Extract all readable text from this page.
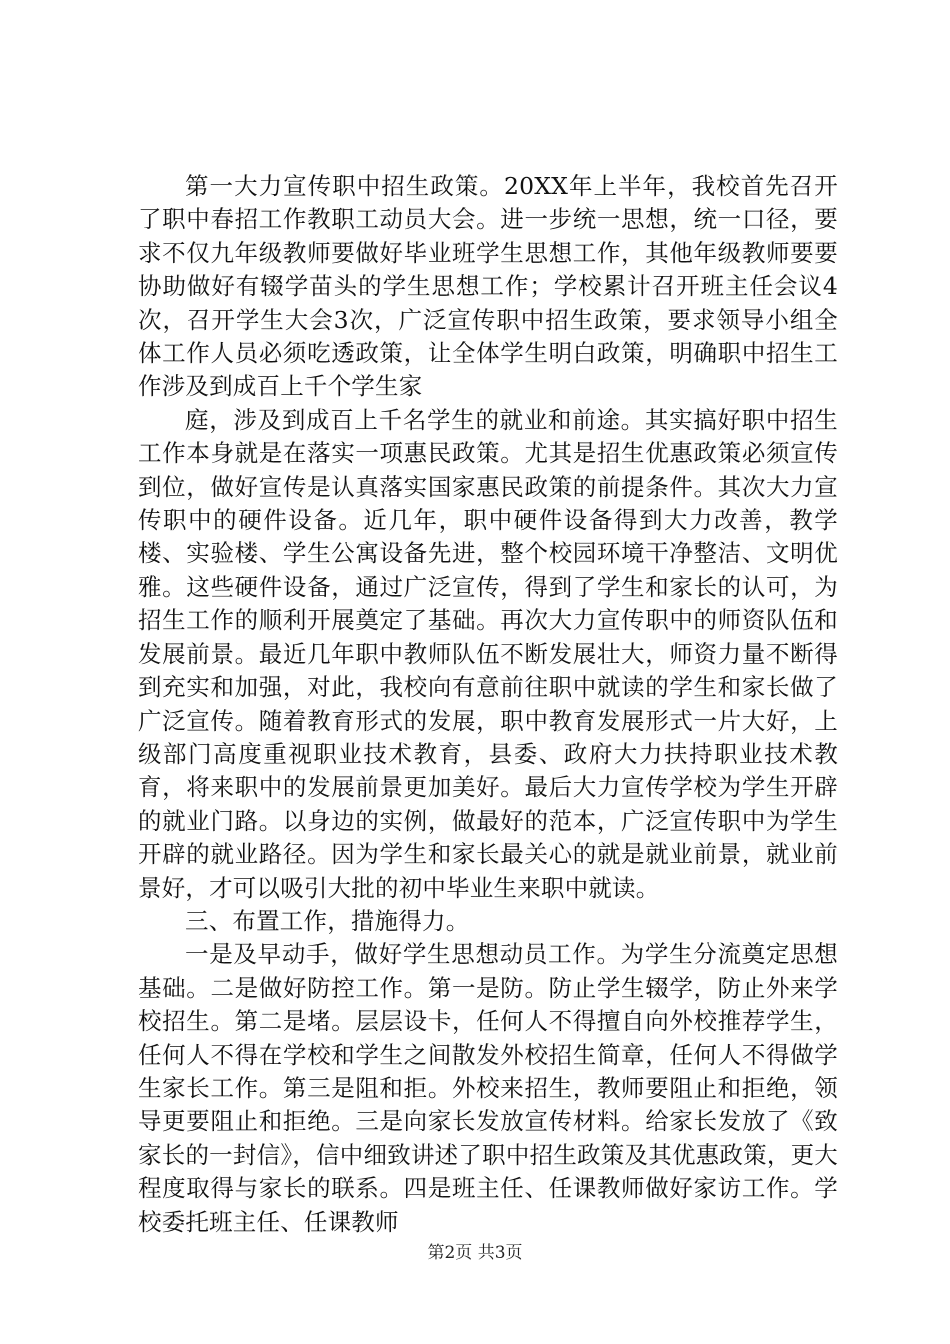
第一大力宣传职中招生政策。20XX年上半年，我校首先召开了职中春招工作教职工动员大会。进一步统一思想，统一口径，要求不仅九年级教师要做好毕业班学生思想工作，其他年级教师要要协助做好有辍学苗头的学生思想工作；学校累计召开班主任会议4次，召开学生大会3次，广泛宣传职中招生政策，要求领导小组全体工作人员必须吃透政策，让全体学生明白政策，明确职中招生工作涉及到成百上千个学生家

庭，涉及到成百上千名学生的就业和前途。其实搞好职中招生工作本身就是在落实一项惠民政策。尤其是招生优惠政策必须宣传到位，做好宣传是认真落实国家惠民政策的前提条件。其次大力宣传职中的硬件设备。近几年，职中硬件设备得到大力改善，教学楼、实验楼、学生公寓设备先进，整个校园环境干净整洁、文明优雅。这些硬件设备，通过广泛宣传，得到了学生和家长的认可，为招生工作的顺利开展奠定了基础。再次大力宣传职中的师资队伍和发展前景。最近几年职中教师队伍不断发展壮大，师资力量不断得到充实和加强，对此，我校向有意前往职中就读的学生和家长做了广泛宣传。随着教育形式的发展，职中教育发展形式一片大好，上级部门高度重视职业技术教育，县委、政府大力扶持职业技术教育，将来职中的发展前景更加美好。最后大力宣传学校为学生开辟的就业门路。以身边的实例，做最好的范本，广泛宣传职中为学生开辟的就业路径。因为学生和家长最关心的就是就业前景，就业前景好，才可以吸引大批的初中毕业生来职中就读。

三、布置工作，措施得力。

一是及早动手，做好学生思想动员工作。为学生分流奠定思想基础。二是做好防控工作。第一是防。防止学生辍学，防止外来学校招生。第二是堵。层层设卡，任何人不得擅自向外校推荐学生，任何人不得在学校和学生之间散发外校招生简章，任何人不得做学生家长工作。第三是阻和拒。外校来招生，教师要阻止和拒绝，领导更要阻止和拒绝。三是向家长发放宣传材料。给家长发放了《致家长的一封信》，信中细致讲述了职中招生政策及其优惠政策，更大程度取得与家长的联系。四是班主任、任课教师做好家访工作。学校委托班主任、任课教师

第2页 共3页
